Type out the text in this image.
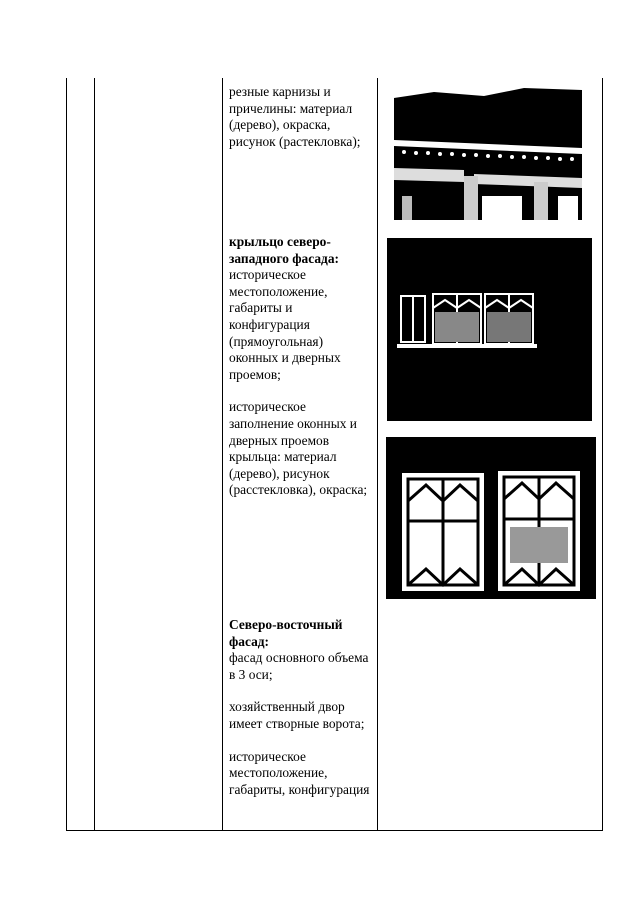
резные карнизы и причелины: материал (дерево), окраска, рисунок (растекловка);

крыльцо северо-западного фасада:

историческое местоположение, габариты и конфигурация (прямоугольная) оконных и дверных проемов;

историческое заполнение оконных и дверных проемов крыльца: материал (дерево), рисунок (расстекловка), окраска;

Северо-восточный фасад:

фасад основного объема в 3 оси;

хозяйственный двор имеет створные ворота;

историческое местоположение, габариты, конфигурация
